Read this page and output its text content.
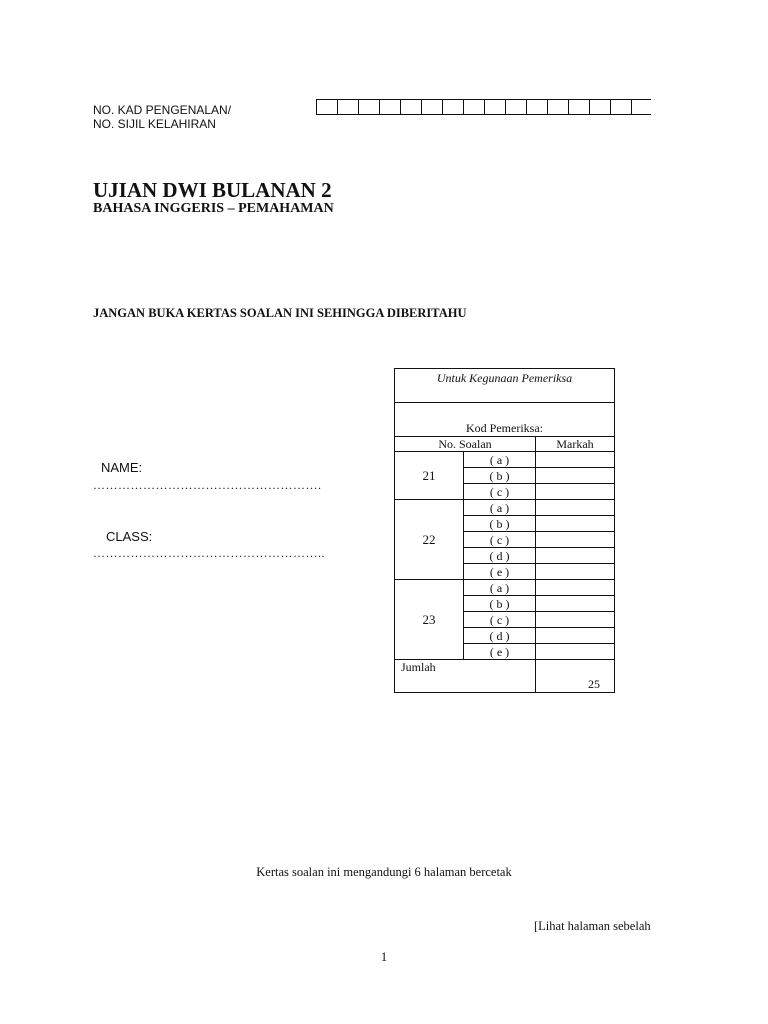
NO. KAD PENGENALAN/
NO. SIJIL KELAHIRAN
UJIAN DWI BULANAN 2
BAHASA INGGERIS – PEMAHAMAN
JANGAN BUKA KERTAS SOALAN INI SEHINGGA DIBERITAHU
NAME:
……………………………………………….
CLASS:
………………………………………………..
Untuk Kegunaan Pemeriksa		
Kod Pemeriksa:		
No. Soalan		Markah
21	( a )	
	( b )	
	( c )	
22	( a )	
	( b )	
	( c )	
	( d )	
	( e )	
23	( a )	
	( b )	
	( c )	
	( d )	
	( e )	
Jumlah		25
Kertas soalan ini mengandungi 6 halaman bercetak
[Lihat halaman sebelah
1
